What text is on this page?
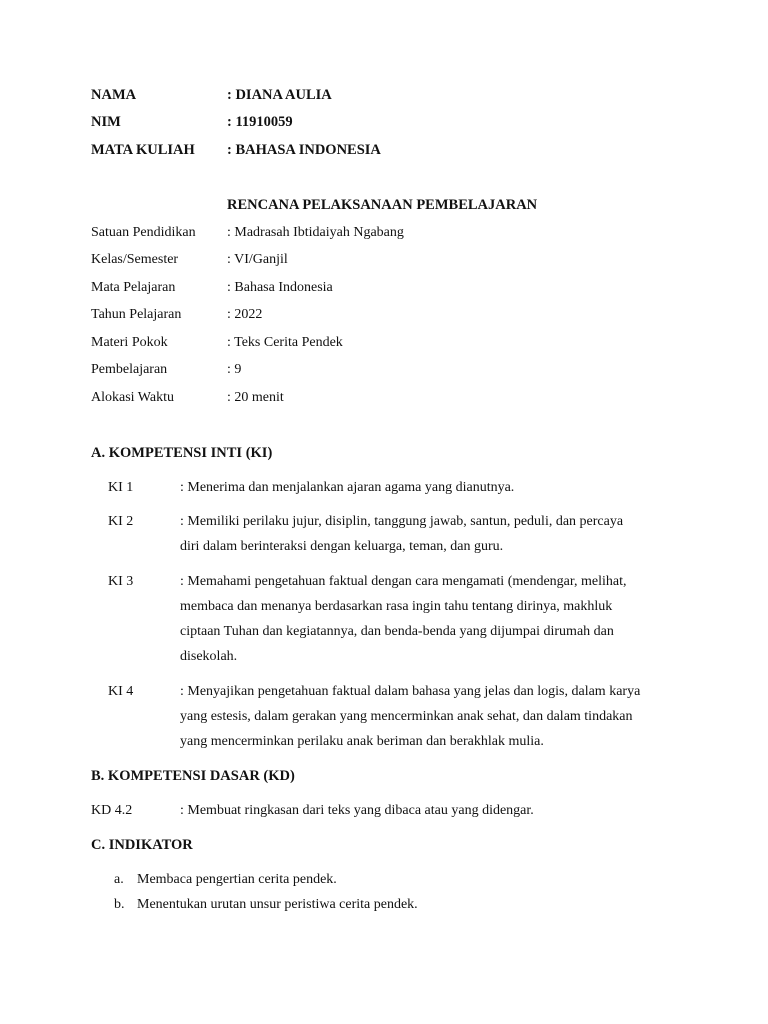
NAMA	: DIANA AULIA
NIM	: 11910059
MATA KULIAH : BAHASA INDONESIA
RENCANA PELAKSANAAN PEMBELAJARAN
Satuan Pendidikan : Madrasah Ibtidaiyah Ngabang
Kelas/Semester	: VI/Ganjil
Mata Pelajaran	: Bahasa Indonesia
Tahun Pelajaran	: 2022
Materi Pokok	: Teks Cerita Pendek
Pembelajaran	: 9
Alokasi Waktu	: 20 menit
A. KOMPETENSI INTI (KI)
KI 1	: Menerima dan menjalankan ajaran agama yang dianutnya.
KI 2	: Memiliki perilaku jujur, disiplin, tanggung jawab, santun, peduli, dan percaya
diri dalam berinteraksi dengan keluarga, teman, dan guru.
KI 3	: Memahami pengetahuan faktual dengan cara mengamati (mendengar, melihat,
membaca dan menanya berdasarkan rasa ingin tahu tentang dirinya, makhluk
ciptaan Tuhan dan kegiatannya, dan benda-benda yang dijumpai dirumah dan
disekolah.
KI 4	: Menyajikan pengetahuan faktual dalam bahasa yang jelas dan logis, dalam karya
yang estesis, dalam gerakan yang mencerminkan anak sehat, dan dalam tindakan
yang mencerminkan perilaku anak beriman dan berakhlak mulia.
B. KOMPETENSI DASAR (KD)
KD 4.2	: Membuat ringkasan dari teks yang dibaca atau yang didengar.
C. INDIKATOR
a. Membaca pengertian cerita pendek.
b. Menentukan urutan unsur peristiwa cerita pendek.
